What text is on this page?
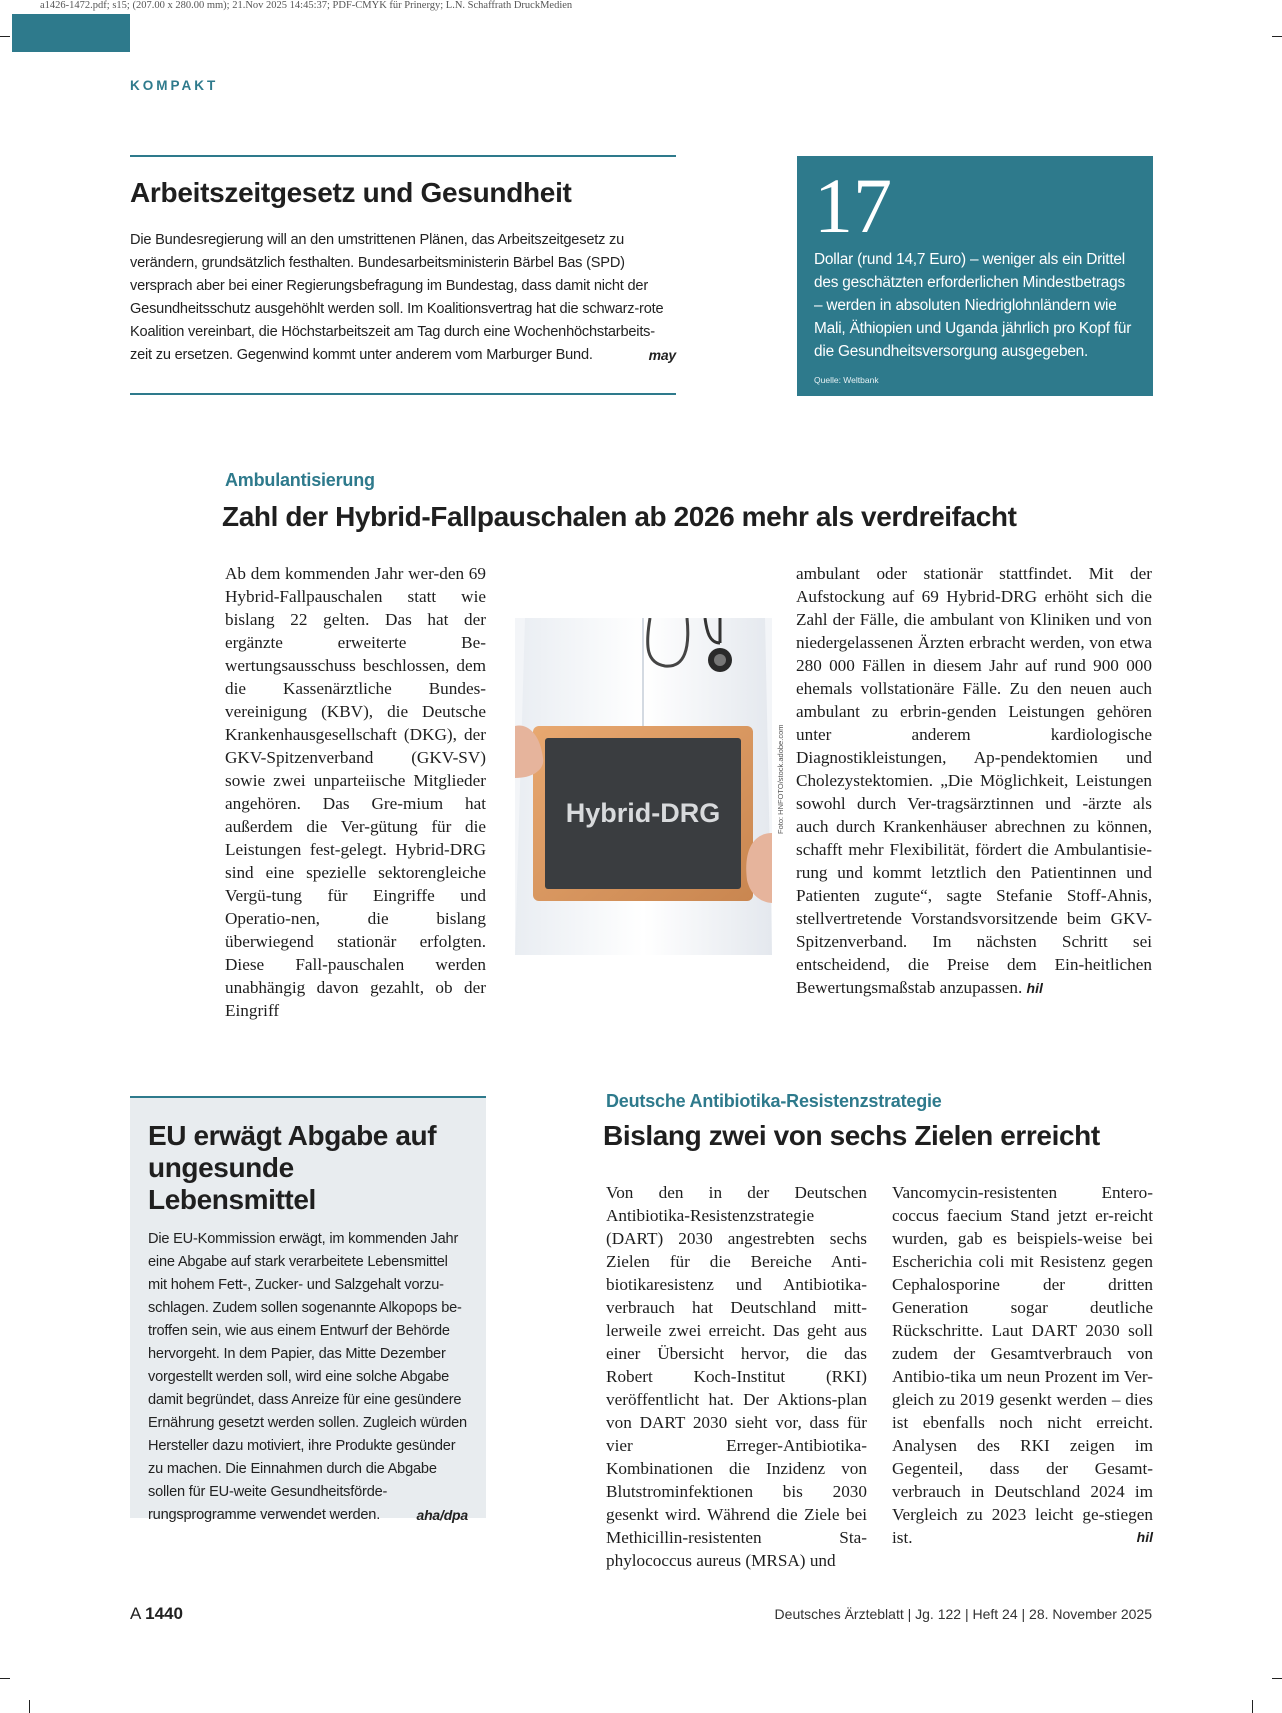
a1426-1472.pdf; s15; (207.00 x 280.00 mm); 21.Nov 2025 14:45:37; PDF-CMYK für Prinergy; L.N. Schaffrath DruckMedien
KOMPAKT
Arbeitszeitgesetz und Gesundheit
Die Bundesregierung will an den umstrittenen Plänen, das Arbeitszeitgesetz zu verändern, grundsätzlich festhalten. Bundesarbeitsministerin Bärbel Bas (SPD) versprach aber bei einer Regierungsbefragung im Bundestag, dass damit nicht der Gesundheitsschutz ausgehöhlt werden soll. Im Koalitionsvertrag hat die schwarz-rote Koalition vereinbart, die Höchstarbeitszeit am Tag durch eine Wochenhöchstarbeits-zeit zu ersetzen. Gegenwind kommt unter anderem vom Marburger Bund.	may
17
Dollar (rund 14,7 Euro) – weniger als ein Drittel des geschätzten erforderlichen Mindestbetrags – werden in absoluten Niedriglohnländern wie Mali, Äthiopien und Uganda jährlich pro Kopf für die Gesundheitsversorgung ausgegeben.
Quelle: Weltbank
Ambulantisierung
Zahl der Hybrid-Fallpauschalen ab 2026 mehr als verdreifacht
Ab dem kommenden Jahr wer-den 69 Hybrid-Fallpauschalen statt wie bislang 22 gelten. Das hat der ergänzte erweiterte Be-wertungsausschuss beschlossen, dem die Kassenärztliche Bundes-vereinigung (KBV), die Deutsche Krankenhausgesellschaft (DKG), der GKV-Spitzenverband (GKV-SV) sowie zwei unparteiische Mitglieder angehören. Das Gre-mium hat außerdem die Ver-gütung für die Leistungen fest-gelegt. Hybrid-DRG sind eine spezielle sektorengleiche Vergü-tung für Eingriffe und Operatio-nen, die bislang überwiegend stationär erfolgten. Diese Fall-pauschalen werden unabhängig davon gezahlt, ob der Eingriff
Hybrid-DRG	Foto: HNFOTO/stock.adobe.com
ambulant oder stationär stattfindet. Mit der Aufstockung auf 69 Hybrid-DRG erhöht sich die Zahl der Fälle, die ambulant von Kliniken und von niedergelassenen Ärzten erbracht werden, von etwa 280 000 Fällen in diesem Jahr auf rund 900 000 ehemals vollstationäre Fälle. Zu den neuen auch ambulant zu erbrin-genden Leistungen gehören unter anderem kardiologische Diagnostikleistungen, Ap-pendektomien und Cholezystektomien. „Die Möglichkeit, Leistungen sowohl durch Ver-tragsärztinnen und -ärzte als auch durch Krankenhäuser abrechnen zu können, schafft mehr Flexibilität, fördert die Ambulantisie-rung und kommt letztlich den Patientinnen und Patienten zugute“, sagte Stefanie Stoff-Ahnis, stellvertretende Vorstandsvorsitzende beim GKV-Spitzenverband. Im nächsten Schritt sei entscheidend, die Preise dem Ein-heitlichen Bewertungsmaßstab anzupassen. hil
EU erwägt Abgabe auf ungesunde Lebensmittel
Die EU-Kommission erwägt, im kommenden Jahr eine Abgabe auf stark verarbeitete Lebensmittel mit hohem Fett-, Zucker- und Salzgehalt vorzu-schlagen. Zudem sollen sogenannte Alkopops be-troffen sein, wie aus einem Entwurf der Behörde hervorgeht. In dem Papier, das Mitte Dezember vorgestellt werden soll, wird eine solche Abgabe damit begründet, dass Anreize für eine gesündere Ernährung gesetzt werden sollen. Zugleich würden Hersteller dazu motiviert, ihre Produkte gesünder zu machen. Die Einnahmen durch die Abgabe sollen für EU-weite Gesundheitsförde-rungsprogramme verwendet werden.	aha/dpa
Deutsche Antibiotika-Resistenzstrategie
Bislang zwei von sechs Zielen erreicht
Von den in der Deutschen Antibiotika-Resistenzstrategie (DART) 2030 angestrebten sechs Zielen für die Bereiche Anti-biotikaresistenz und Antibiotika-verbrauch hat Deutschland mitt-lerweile zwei erreicht. Das geht aus einer Übersicht hervor, die das Robert Koch-Institut (RKI) veröffentlicht hat. Der Aktions-plan von DART 2030 sieht vor, dass für vier Erreger-Antibiotika-Kombinationen die Inzidenz von Blutstrominfektionen bis 2030 gesenkt wird. Während die Ziele bei Methicillin-resistenten Sta-phylococcus aureus (MRSA) und
Vancomycin-resistenten Entero-coccus faecium Stand jetzt er-reicht wurden, gab es beispiels-weise bei Escherichia coli mit Resistenz gegen Cephalosporine der dritten Generation sogar deutliche Rückschritte. Laut DART 2030 soll zudem der Gesamtverbrauch von Antibio-tika um neun Prozent im Ver-gleich zu 2019 gesenkt werden – dies ist ebenfalls noch nicht erreicht. Analysen des RKI zeigen im Gegenteil, dass der Gesamt-verbrauch in Deutschland 2024 im Vergleich zu 2023 leicht ge-stiegen ist.	hil
A 1440	Deutsches Ärzteblatt | Jg. 122 | Heft 24 | 28. November 2025
